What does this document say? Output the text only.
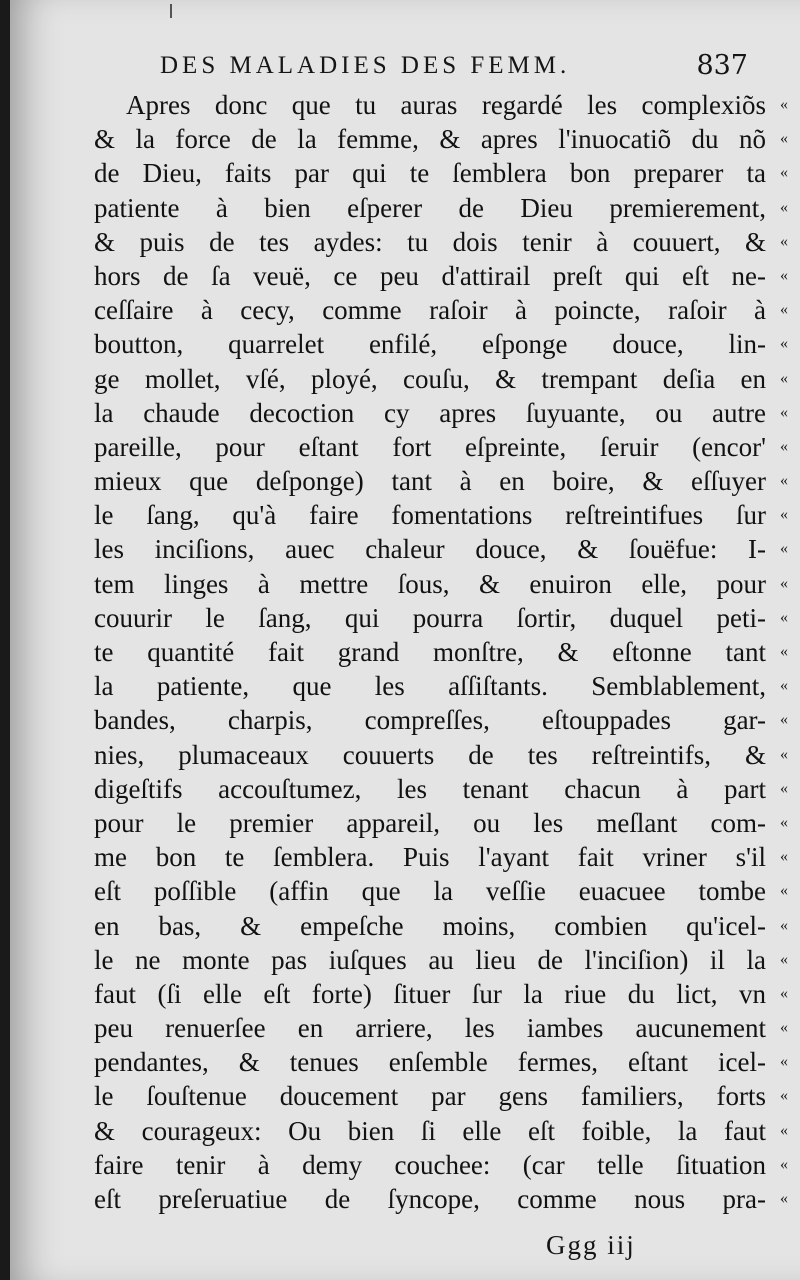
DES MALADIES DES FEMM.	837
Apres donc que tu auras regardé les complexiõs «
& la force de la femme, & apres l'inuocatiõ du nõ «
de Dieu, faits par qui te ſemblera bon preparer ta «
patiente à bien eſperer de Dieu premierement, «
& puis de tes aydes: tu dois tenir à couuert, & «
hors de ſa veuë, ce peu d'attirail preſt qui eſt ne- «
ceſſaire à cecy, comme raſoir à poincte, raſoir à «
boutton, quarrelet enfilé, eſponge douce, lin- «
ge mollet, vſé, ployé, couſu, & trempant deſia en «
la chaude decoction cy apres ſuyuante, ou autre «
pareille, pour eſtant fort eſpreinte, ſeruir (encor' «
mieux que deſponge) tant à en boire, & eſſuyer «
le ſang, qu'à faire fomentations reſtreintifues ſur «
les inciſions, auec chaleur douce, & ſouëfue: I- «
tem linges à mettre ſous, & enuiron elle, pour «
couurir le ſang, qui pourra ſortir, duquel peti- «
te quantité fait grand monſtre, & eſtonne tant «
la patiente, que les aſſiſtants. Semblablement, «
bandes, charpis, compreſſes, eſtouppades gar- «
nies, plumaceaux couuerts de tes reſtreintifs, & «
digeſtifs accouſtumez, les tenant chacun à part «
pour le premier appareil, ou les meſlant com- «
me bon te ſemblera. Puis l'ayant fait vriner s'il «
eſt poſſible (affin que la veſſie euacuee tombe «
en bas, & empeſche moins, combien qu'icel- «
le ne monte pas iuſques au lieu de l'inciſion) il la «
faut (ſi elle eſt forte) ſituer ſur la riue du lict, vn «
peu renuerſee en arriere, les iambes aucunement «
pendantes, & tenues enſemble fermes, eſtant icel- «
le ſouſtenue doucement par gens familiers, forts «
& courageux: Ou bien ſi elle eſt foible, la faut «
faire tenir à demy couchee: (car telle ſituation «
eſt preſeruatiue de ſyncope, comme nous pra- «
Ggg iij
